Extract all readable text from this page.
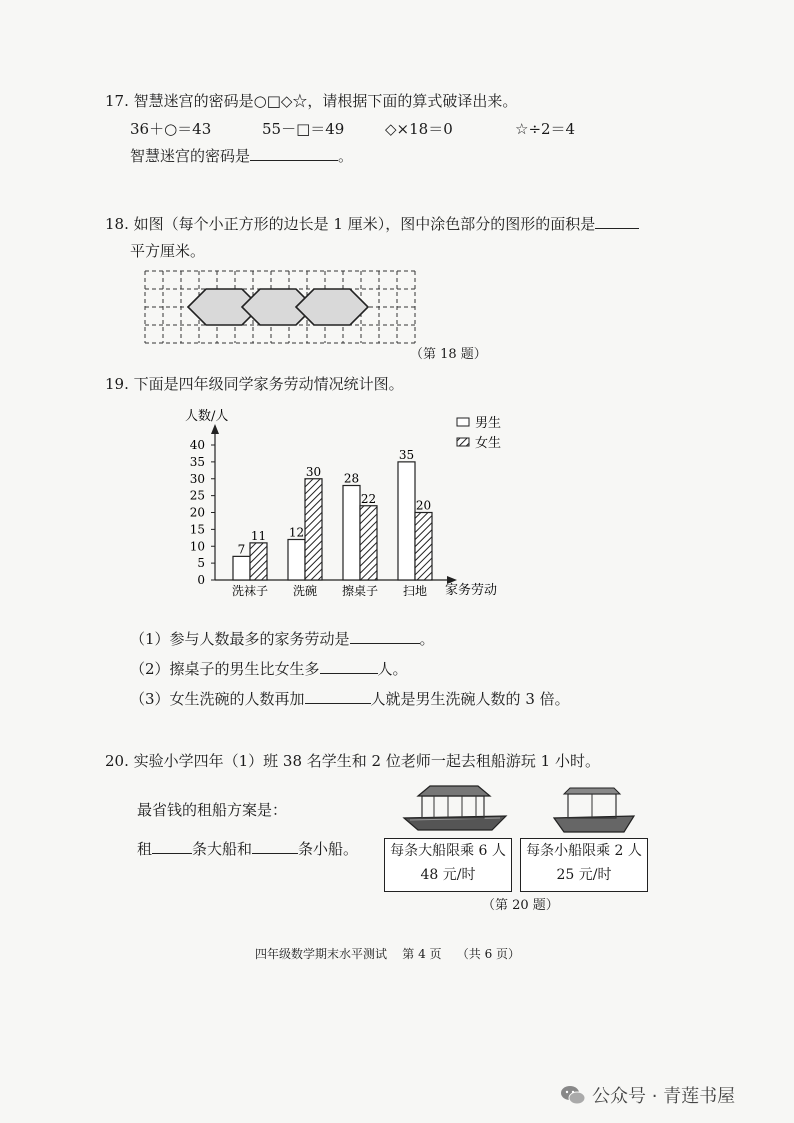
17. 智慧迷宫的密码是○□◇☆，请根据下面的算式破译出来。
36＋○＝43	55－□＝49	◇×18＝0	☆÷2＝4
智慧迷宫的密码是	。
18. 如图（每个小正方形的边长是 1 厘米），图中涂色部分的图形的面积是
平方厘米。
（第 18 题）
19. 下面是四年级同学家务劳动情况统计图。
人数/人
家务劳动
0
5
10
15
20
25
30
35
40
7
11 12
30 28
22
35
20
洗袜子 洗碗 擦桌子 扫地
男生
女生
（1）参与人数最多的家务劳动是	。
（2）擦桌子的男生比女生多	人。
（3）女生洗碗的人数再加	人就是男生洗碗人数的 3 倍。
20. 实验小学四年（1）班 38 名学生和 2 位老师一起去租船游玩 1 小时。
最省钱的租船方案是：
租	条大船和	条小船。	每条大船限乘 6 人
48 元/时
每条小船限乘 2 人
25 元/时
（第 20 题）
四年级数学期末水平测试    第 4 页    （共 6 页）
公众号 · 青莲书屋
